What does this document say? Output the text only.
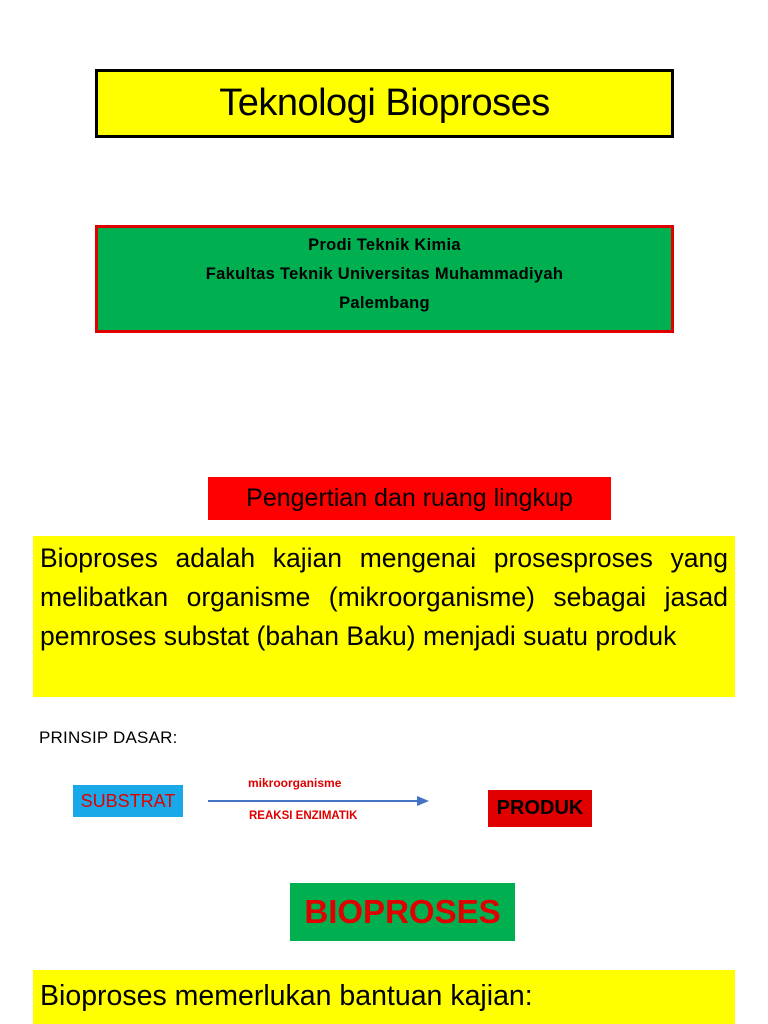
Teknologi Bioproses
Prodi Teknik Kimia
Fakultas Teknik Universitas Muhammadiyah
Palembang
Pengertian dan ruang lingkup
Bioproses adalah kajian mengenai prosesproses yang melibatkan organisme (mikroorganisme) sebagai jasad pemroses substat (bahan Baku) menjadi suatu produk
PRINSIP DASAR:
SUBSTRAT
mikroorganisme
REAKSI ENZIMATIK	PRODUK
BIOPROSES
Bioproses memerlukan bantuan kajian:
